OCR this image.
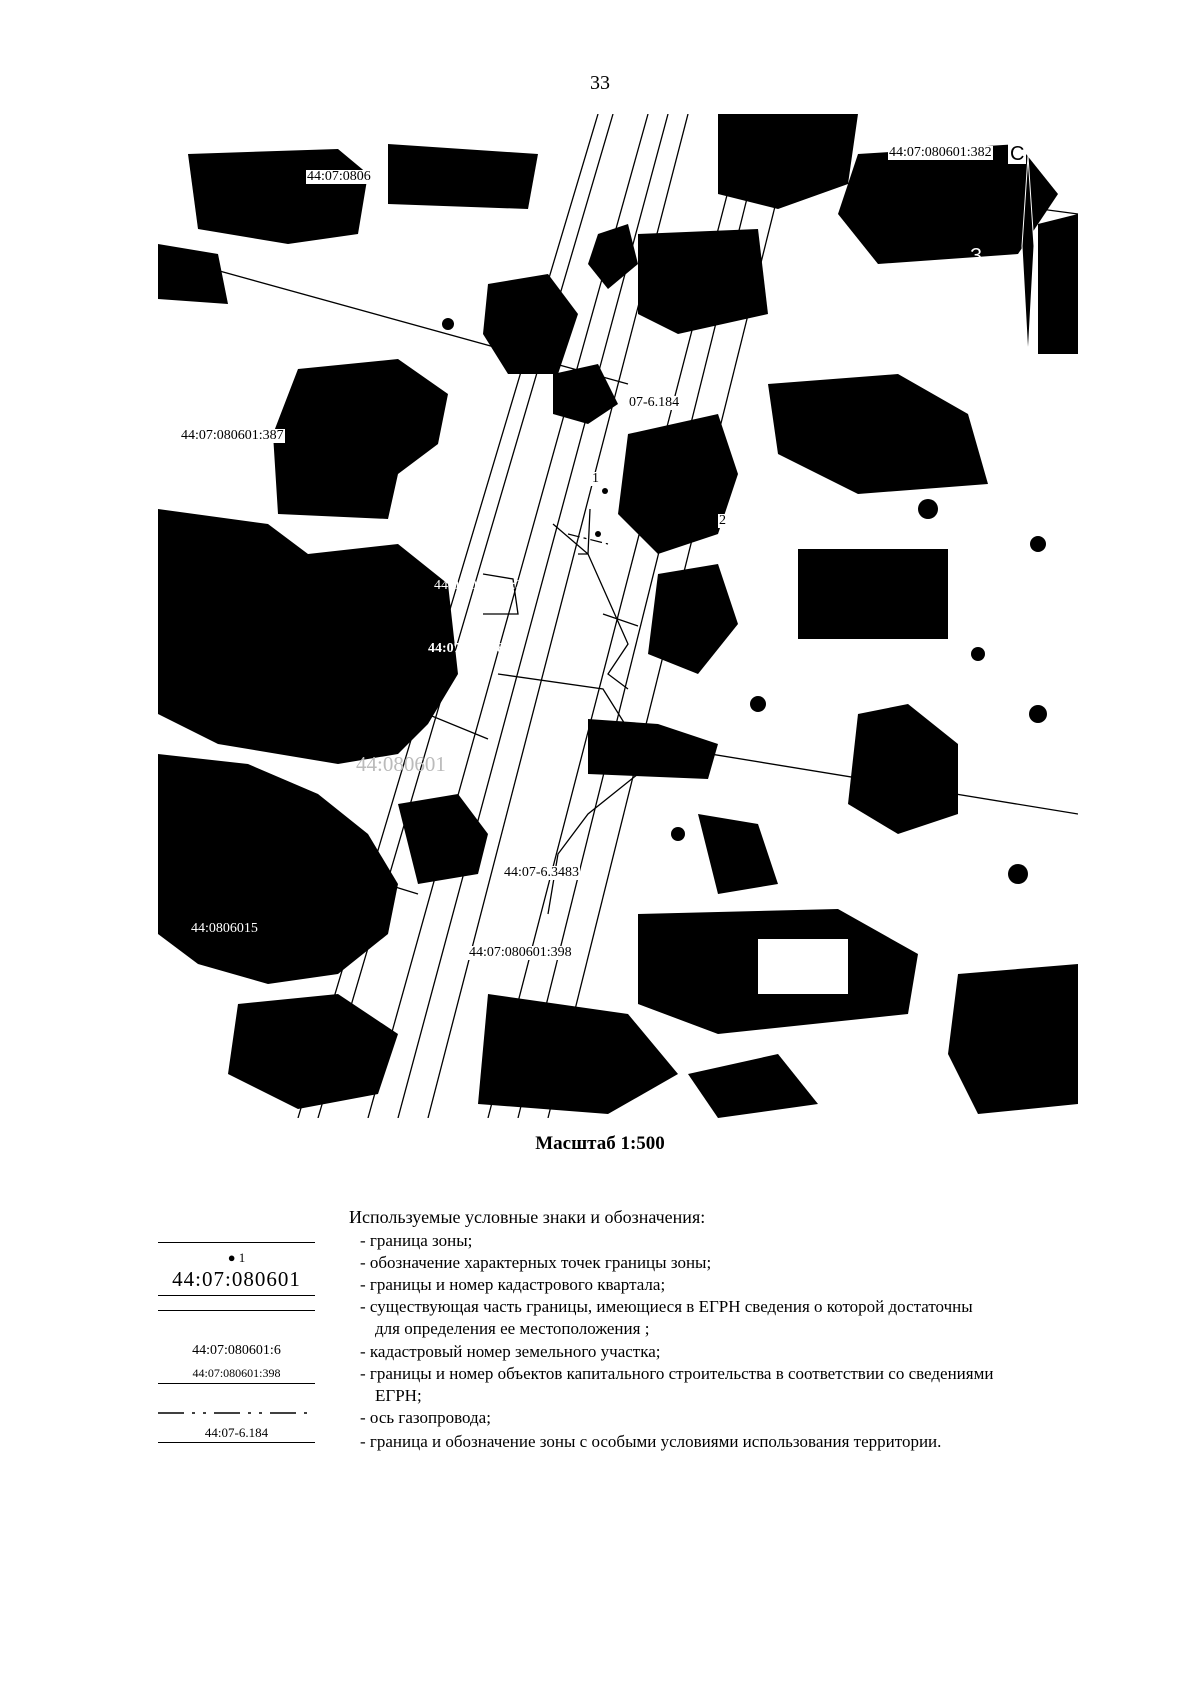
33
44:07:0806
44:07:080601:382
44:07:080601:387
07-6.184
1
2
44:07:080601:396
44:07-6.1208
44:080601
44:07-6.3483
44:07:080601:398
44:0806015
С
З
ЮГ
Масштаб 1:500
Используемые условные знаки и обозначения:
- граница зоны;
- обозначение характерных точек границы зоны;
- границы и номер кадастрового квартала;
- существующая часть границы, имеющиеся в ЕГРН сведения о которой достаточны
для определения ее местоположения ;
- кадастровый номер земельного участка;
- границы и номер объектов капитального строительства в соответствии со сведениями
ЕГРН;
- ось газопровода;
- граница и обозначение зоны с особыми условиями использования территории.
● 1
44:07:080601
44:07:080601:6
44:07:080601:398
44:07-6.184
